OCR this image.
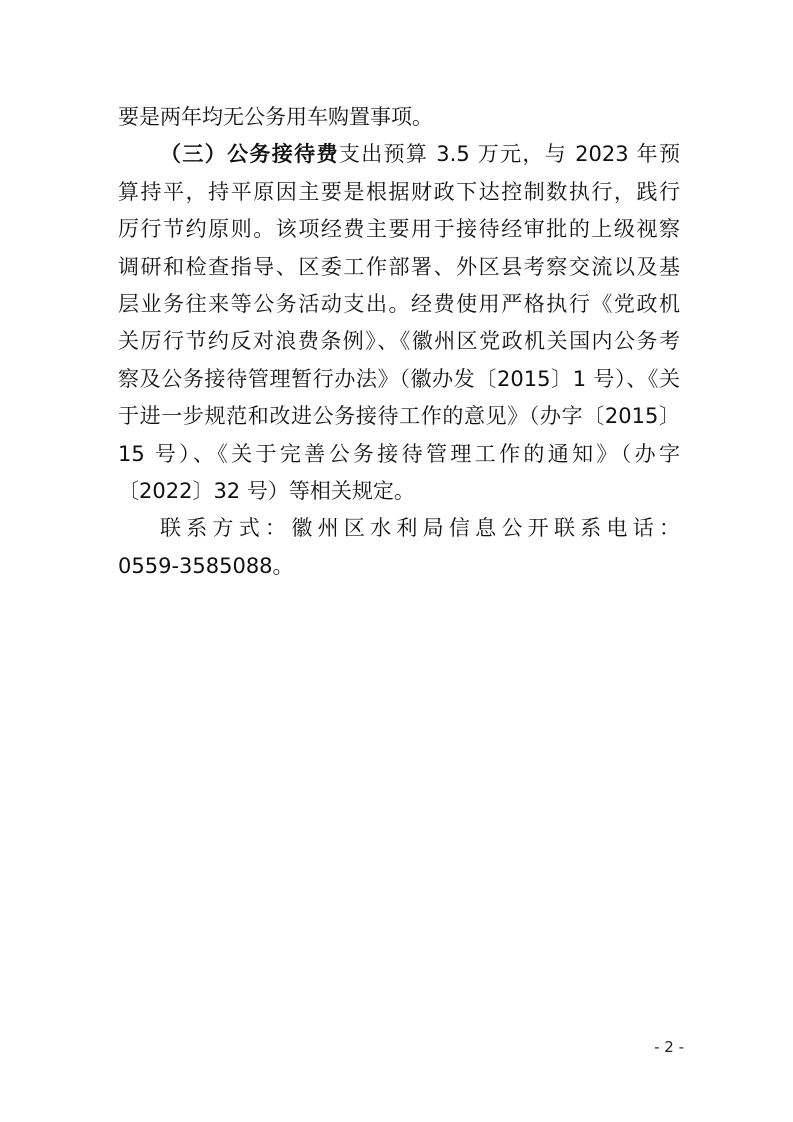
要是两年均无公务用车购置事项。
（三）公务接待费支出预算 3.5 万元，与 2023 年预
算持平，持平原因主要是根据财政下达控制数执行，践行
厉行节约原则。该项经费主要用于接待经审批的上级视察
调研和检查指导、区委工作部署、外区县考察交流以及基
层业务往来等公务活动支出。经费使用严格执行《党政机
关厉行节约反对浪费条例》、《徽州区党政机关国内公务考
察及公务接待管理暂行办法》（徽办发〔2015〕1 号）、《关
于进一步规范和改进公务接待工作的意见》（办字〔2015〕
15 号）、《关于完善公务接待管理工作的通知》（办字
〔2022〕32 号）等相关规定。
联系方式：徽州区水利局信息公开联系电话：
0559-3585088。
- 2 -
